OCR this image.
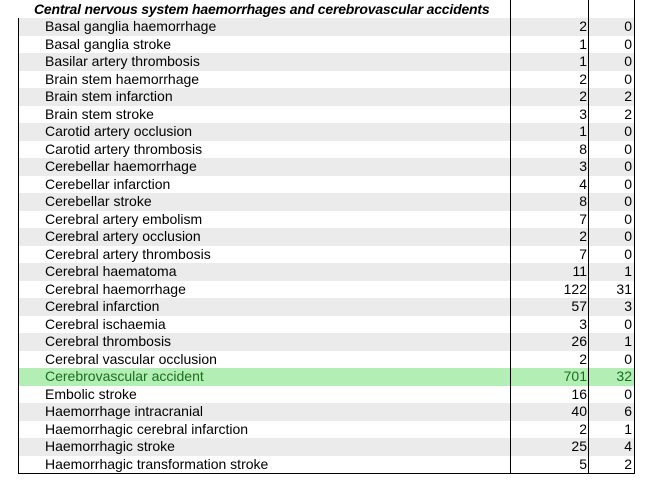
Central nervous system haemorrhages and cerebrovascular accidents
Basal ganglia haemorrhage	2	0
Basal ganglia stroke	1	0
Basilar artery thrombosis	1	0
Brain stem haemorrhage	2	0
Brain stem infarction	2	2
Brain stem stroke	3	2
Carotid artery occlusion	1	0
Carotid artery thrombosis	8	0
Cerebellar haemorrhage	3	0
Cerebellar infarction	4	0
Cerebellar stroke	8	0
Cerebral artery embolism	7	0
Cerebral artery occlusion	2	0
Cerebral artery thrombosis	7	0
Cerebral haematoma	11	1
Cerebral haemorrhage	122	31
Cerebral infarction	57	3
Cerebral ischaemia	3	0
Cerebral thrombosis	26	1
Cerebral vascular occlusion	2	0
Cerebrovascular accident	701	32
Embolic stroke	16	0
Haemorrhage intracranial	40	6
Haemorrhagic cerebral infarction	2	1
Haemorrhagic stroke	25	4
Haemorrhagic transformation stroke	5	2
